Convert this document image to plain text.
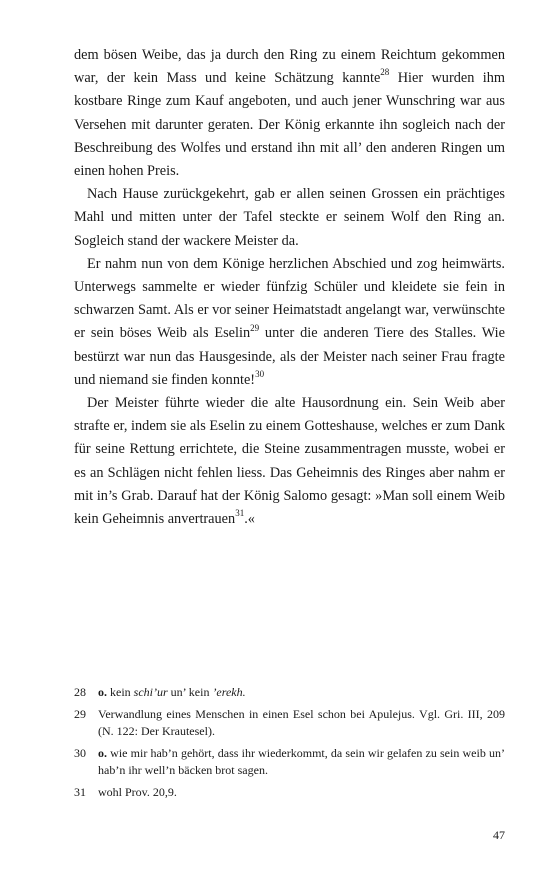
dem bösen Weibe, das ja durch den Ring zu einem Reichtum gekommen war, der kein Mass und keine Schätzung kannte$^{28}$ Hier wurden ihm kostbare Ringe zum Kauf angeboten, und auch jener Wunschring war aus Versehen mit darunter geraten. Der König erkannte ihn sogleich nach der Beschreibung des Wolfes und erstand ihn mit all’ den anderen Ringen um einen hohen Preis.

Nach Hause zurückgekehrt, gab er allen seinen Grossen ein prächtiges Mahl und mitten unter der Tafel steckte er seinem Wolf den Ring an. Sogleich stand der wackere Meister da.

Er nahm nun von dem Könige herzlichen Abschied und zog heimwärts. Unterwegs sammelte er wieder fünfzig Schüler und kleidete sie fein in schwarzen Samt. Als er vor seiner Heimatstadt angelangt war, verwünschte er sein böses Weib als Eselin$^{29}$ unter die anderen Tiere des Stalles. Wie bestürzt war nun das Hausgesinde, als der Meister nach seiner Frau fragte und niemand sie finden konnte!$^{30}$

Der Meister führte wieder die alte Hausordnung ein. Sein Weib aber strafte er, indem sie als Eselin zu einem Gotteshause, welches er zum Dank für seine Rettung errichtete, die Steine zusammentragen musste, wobei er es an Schlägen nicht fehlen liess. Das Geheimnis des Ringes aber nahm er mit in’s Grab. Darauf hat der König Salomo gesagt: »Man soll einem Weib kein Geheimnis anvertrauen$^{31}$.«

28	o. kein schi’ur un’ kein ’erekh.
29	Verwandlung eines Menschen in einen Esel schon bei Apulejus. Vgl. Gri. III, 209 (N. 122: Der Krautesel).
30	o. wie mir hab’n gehört, dass ihr wiederkommt, da sein wir gelafen zu sein weib un’ hab’n ihr well’n bäcken brot sagen.
31	wohl Prov. 20,9.
47
